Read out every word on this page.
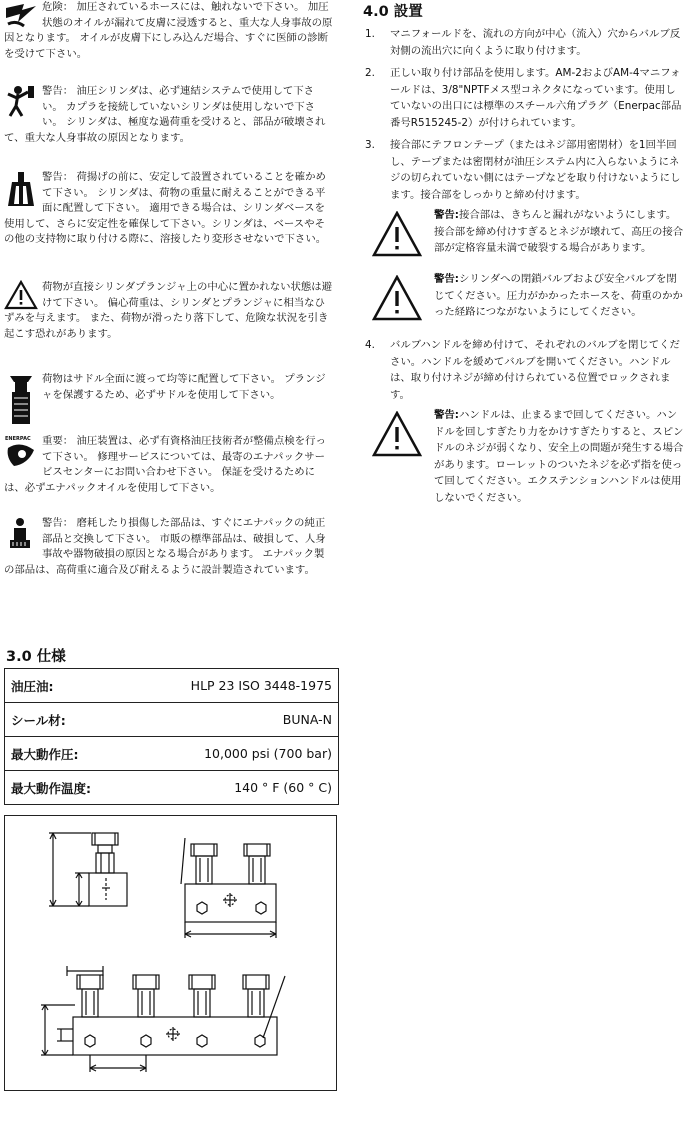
危険： 加圧されているホースには、触れないで下さい。 加圧状態のオイルが漏れて皮膚に浸透すると、重大な人身事故の原因となります。 オイルが皮膚下にしみ込んだ場合、すぐに医師の診断を受けて下さい。

警告： 油圧シリンダは、必ず連結システムで使用して下さい。 カプラを接続していないシリンダは使用しないで下さい。 シリンダは、極度な過荷重を受けると、部品が破壊されて、重大な人身事故の原因となります。

警告： 荷揚げの前に、安定して設置されていることを確かめて下さい。 シリンダは、荷物の重量に耐えることができる平面に配置して下さい。 適用できる場合は、シリンダベースを使用して、さらに安定性を確保して下さい。シリンダは、ベースやその他の支持物に取り付ける際に、溶接したり変形させないで下さい。

荷物が直接シリンダプランジャ上の中心に置かれない状態は避けて下さい。 偏心荷重は、シリンダとプランジャに相当なひずみを与えます。 また、荷物が滑ったり落下して、危険な状況を引き起こす恐れがあります。

荷物はサドル全面に渡って均等に配置して下さい。 プランジャを保護するため、必ずサドルを使用して下さい。

ENERPAC	重要： 油圧装置は、必ず有資格油圧技術者が整備点検を行って下さい。 修理サービスについては、最寄のエナパックサービスセンターにお問い合わせ下さい。 保証を受けるためには、必ずエナパックオイルを使用して下さい。

警告： 磨耗したり損傷した部品は、すぐにエナパックの純正部品と交換して下さい。 市販の標準部品は、破損して、人身事故や器物破損の原因となる場合があります。 エナパック製の部品は、高荷重に適合及び耐えるように設計製造されています。

4.0 設置
1. マニフォールドを、流れの方向が中心（流入）穴からバルブ反対側の流出穴に向くように取り付けます。
2. 正しい取り付け部品を使用します。AM-2およびAM-4マニフォールドは、3/8"NPTFメス型コネクタになっています。使用していないの出口には標準のスチール六角プラグ（Enerpac部品番号R515245-2）が付けられています。
3. 接合部にテフロンテープ（またはネジ部用密閉材）を1回半回し、テープまたは密閉材が油圧システム内に入らないようにネジの切られていない側にはテープなどを取り付けないようにします。接合部をしっかりと締め付けます。

警告:接合部は、きちんと漏れがないようにします。接合部を締め付けすぎるとネジが壊れて、高圧の接合部が定格容量未満で破裂する場合があります。

警告:シリンダへの閉鎖バルブおよび安全バルブを閉じてください。圧力がかかったホースを、荷重のかかった経路につながないようにしてください。

4. バルブハンドルを締め付けて、それぞれのバルブを閉じてください。ハンドルを緩めてバルブを開いてください。ハンドルは、取り付けネジが締め付けられている位置でロックされます。

警告:ハンドルは、止まるまで回してください。ハンドルを回しすぎたり力をかけすぎたりすると、スピンドルのネジが弱くなり、安全上の問題が発生する場合があります。ローレットのついたネジを必ず指を使って回してください。エクステンションハンドルは使用しないでください。

3.0 仕様
油圧油:	HLP 23 ISO 3448-1975
シール材:	BUNA-N
最大動作圧:	10,000 psi (700 bar)
最大動作温度:	140 ° F (60 ° C)
